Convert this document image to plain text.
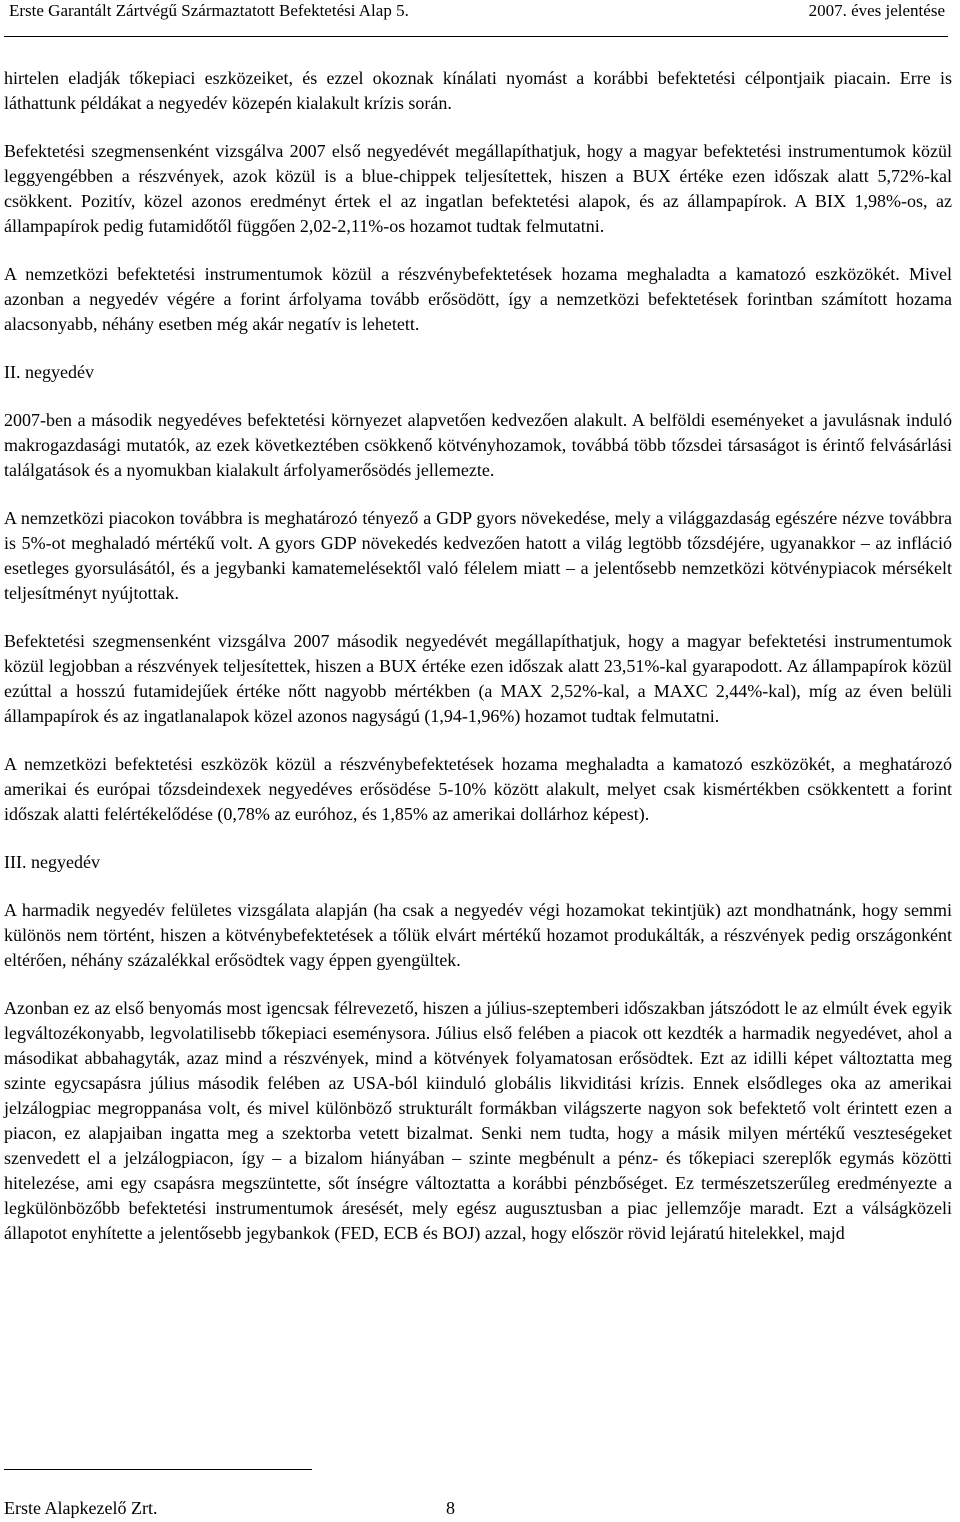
Erste Garantált Zártvégű Származtatott Befektetési Alap 5.	2007. éves jelentése

hirtelen eladják tőkepiaci eszközeiket, és ezzel okoznak kínálati nyomást a korábbi befektetési célpontjaik piacain. Erre is láthattunk példákat a negyedév közepén kialakult krízis során.

Befektetési szegmensenként vizsgálva 2007 első negyedévét megállapíthatjuk, hogy a magyar befektetési instrumentumok közül leggyengébben a részvények, azok közül is a blue-chippek teljesítettek, hiszen a BUX értéke ezen időszak alatt 5,72%-kal csökkent. Pozitív, közel azonos eredményt értek el az ingatlan befektetési alapok, és az állampapírok. A BIX 1,98%-os, az állampapírok pedig futamidőtől függően 2,02-2,11%-os hozamot tudtak felmutatni.

A nemzetközi befektetési instrumentumok közül a részvénybefektetések hozama meghaladta a kamatozó eszközökét. Mivel azonban a negyedév végére a forint árfolyama tovább erősödött, így a nemzetközi befektetések forintban számított hozama alacsonyabb, néhány esetben még akár negatív is lehetett.

II. negyedév

2007-ben a második negyedéves befektetési környezet alapvetően kedvezően alakult. A belföldi eseményeket a javulásnak induló makrogazdasági mutatók, az ezek következtében csökkenő kötvényhozamok, továbbá több tőzsdei társaságot is érintő felvásárlási találgatások és a nyomukban kialakult árfolyamerősödés jellemezte.

A nemzetközi piacokon továbbra is meghatározó tényező a GDP gyors növekedése, mely a világgazdaság egészére nézve továbbra is 5%-ot meghaladó mértékű volt. A gyors GDP növekedés kedvezően hatott a világ legtöbb tőzsdéjére, ugyanakkor – az infláció esetleges gyorsulásától, és a jegybanki kamatemelésektől való félelem miatt – a jelentősebb nemzetközi kötvénypiacok mérsékelt teljesítményt nyújtottak.

Befektetési szegmensenként vizsgálva 2007 második negyedévét megállapíthatjuk, hogy a magyar befektetési instrumentumok közül legjobban a részvények teljesítettek, hiszen a BUX értéke ezen időszak alatt 23,51%-kal gyarapodott. Az állampapírok közül ezúttal a hosszú futamidejűek értéke nőtt nagyobb mértékben (a MAX 2,52%-kal, a MAXC 2,44%-kal), míg az éven belüli állampapírok és az ingatlanalapok közel azonos nagyságú (1,94-1,96%) hozamot tudtak felmutatni.

A nemzetközi befektetési eszközök közül a részvénybefektetések hozama meghaladta a kamatozó eszközökét, a meghatározó amerikai és európai tőzsdeindexek negyedéves erősödése 5-10% között alakult, melyet csak kismértékben csökkentett a forint időszak alatti felértékelődése (0,78% az euróhoz, és 1,85% az amerikai dollárhoz képest).

III. negyedév

A harmadik negyedév felületes vizsgálata alapján (ha csak a negyedév végi hozamokat tekintjük) azt mondhatnánk, hogy semmi különös nem történt, hiszen a kötvénybefektetések a tőlük elvárt mértékű hozamot produkálták, a részvények pedig országonként eltérően, néhány százalékkal erősödtek vagy éppen gyengültek.

Azonban ez az első benyomás most igencsak félrevezető, hiszen a július-szeptemberi időszakban játszódott le az elmúlt évek egyik legváltozékonyabb, legvolatilisebb tőkepiaci eseménysora. Július első felében a piacok ott kezdték a harmadik negyedévet, ahol a másodikat abbahagyták, azaz mind a részvények, mind a kötvények folyamatosan erősödtek. Ezt az idilli képet változtatta meg szinte egycsapásra július második felében az USA-ból kiinduló globális likviditási krízis. Ennek elsődleges oka az amerikai jelzálogpiac megroppanása volt, és mivel különböző strukturált formákban világszerte nagyon sok befektető volt érintett ezen a piacon, ez alapjaiban ingatta meg a szektorba vetett bizalmat. Senki nem tudta, hogy a másik milyen mértékű veszteségeket szenvedett el a jelzálogpiacon, így – a bizalom hiányában – szinte megbénult a pénz- és tőkepiaci szereplők egymás közötti hitelezése, ami egy csapásra megszüntette, sőt ínségre változtatta a korábbi pénzbőséget. Ez természetszerűleg eredményezte a legkülönbözőbb befektetési instrumentumok áresését, mely egész augusztusban a piac jellemzője maradt. Ezt a válságközeli állapotot enyhítette a jelentősebb jegybankok (FED, ECB és BOJ) azzal, hogy először rövid lejáratú hitelekkel, majd

Erste Alapkezelő Zrt.	8
